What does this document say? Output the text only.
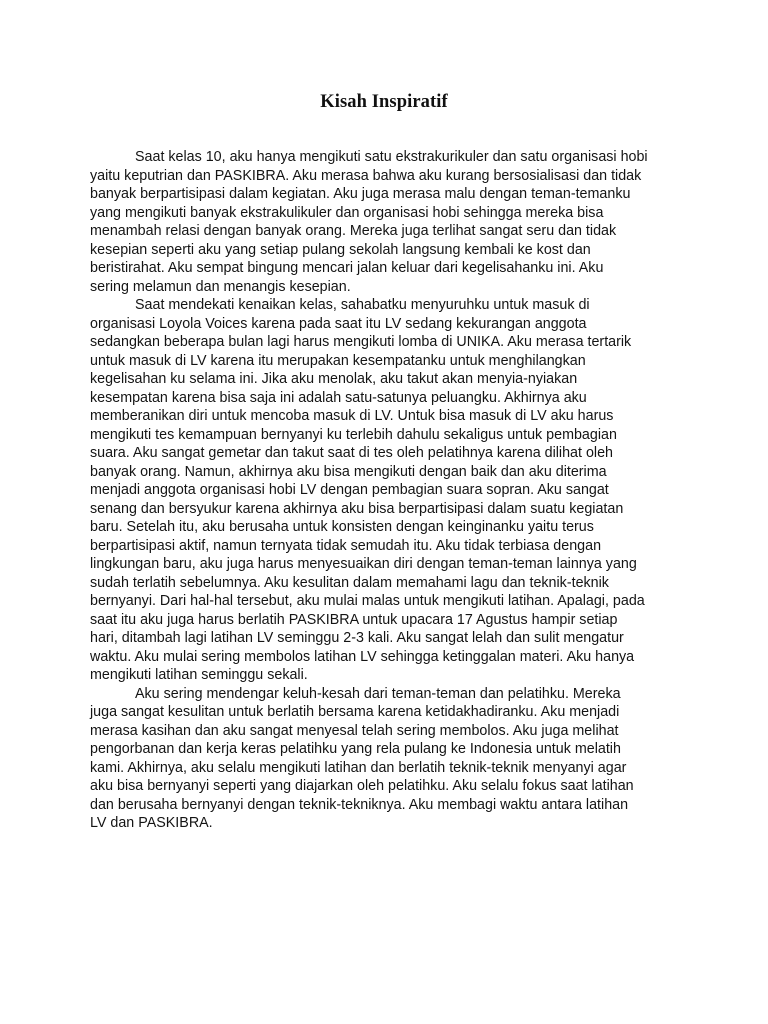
Kisah Inspiratif
Saat kelas 10, aku hanya mengikuti satu ekstrakurikuler dan satu organisasi hobi
yaitu keputrian dan PASKIBRA. Aku merasa bahwa aku kurang bersosialisasi dan tidak
banyak berpartisipasi dalam kegiatan. Aku juga merasa malu dengan teman-temanku
yang mengikuti banyak ekstrakulikuler dan organisasi hobi sehingga mereka bisa
menambah relasi dengan banyak orang. Mereka juga terlihat sangat seru dan tidak
kesepian seperti aku yang setiap pulang sekolah langsung kembali ke kost dan
beristirahat. Aku sempat bingung mencari jalan keluar dari kegelisahanku ini. Aku
sering melamun dan menangis kesepian.
Saat mendekati kenaikan kelas, sahabatku menyuruhku untuk masuk di
organisasi Loyola Voices karena pada saat itu LV sedang kekurangan anggota
sedangkan beberapa bulan lagi harus mengikuti lomba di UNIKA. Aku merasa tertarik
untuk masuk di LV karena itu merupakan kesempatanku untuk menghilangkan
kegelisahan ku selama ini. Jika aku menolak, aku takut akan menyia-nyiakan
kesempatan karena bisa saja ini adalah satu-satunya peluangku. Akhirnya aku
memberanikan diri untuk mencoba masuk di LV. Untuk bisa masuk di LV aku harus
mengikuti tes kemampuan bernyanyi ku terlebih dahulu sekaligus untuk pembagian
suara. Aku sangat gemetar dan takut saat di tes oleh pelatihnya karena dilihat oleh
banyak orang. Namun, akhirnya aku bisa mengikuti dengan baik dan aku diterima
menjadi anggota organisasi hobi LV dengan pembagian suara sopran. Aku sangat
senang dan bersyukur karena akhirnya aku bisa berpartisipasi dalam suatu kegiatan
baru. Setelah itu, aku berusaha untuk konsisten dengan keinginanku yaitu terus
berpartisipasi aktif, namun ternyata tidak semudah itu. Aku tidak terbiasa dengan
lingkungan baru, aku juga harus menyesuaikan diri dengan teman-teman lainnya yang
sudah terlatih sebelumnya. Aku kesulitan dalam memahami lagu dan teknik-teknik
bernyanyi. Dari hal-hal tersebut, aku mulai malas untuk mengikuti latihan. Apalagi, pada
saat itu aku juga harus berlatih PASKIBRA untuk upacara 17 Agustus hampir setiap
hari, ditambah lagi latihan LV seminggu 2-3 kali. Aku sangat lelah dan sulit mengatur
waktu. Aku mulai sering membolos latihan LV sehingga ketinggalan materi. Aku hanya
mengikuti latihan seminggu sekali.
Aku sering mendengar keluh-kesah dari teman-teman dan pelatihku. Mereka
juga sangat kesulitan untuk berlatih bersama karena ketidakhadiranku. Aku menjadi
merasa kasihan dan aku sangat menyesal telah sering membolos. Aku juga melihat
pengorbanan dan kerja keras pelatihku yang rela pulang ke Indonesia untuk melatih
kami. Akhirnya, aku selalu mengikuti latihan dan berlatih teknik-teknik menyanyi agar
aku bisa bernyanyi seperti yang diajarkan oleh pelatihku. Aku selalu fokus saat latihan
dan berusaha bernyanyi dengan teknik-tekniknya. Aku membagi waktu antara latihan
LV dan PASKIBRA.
